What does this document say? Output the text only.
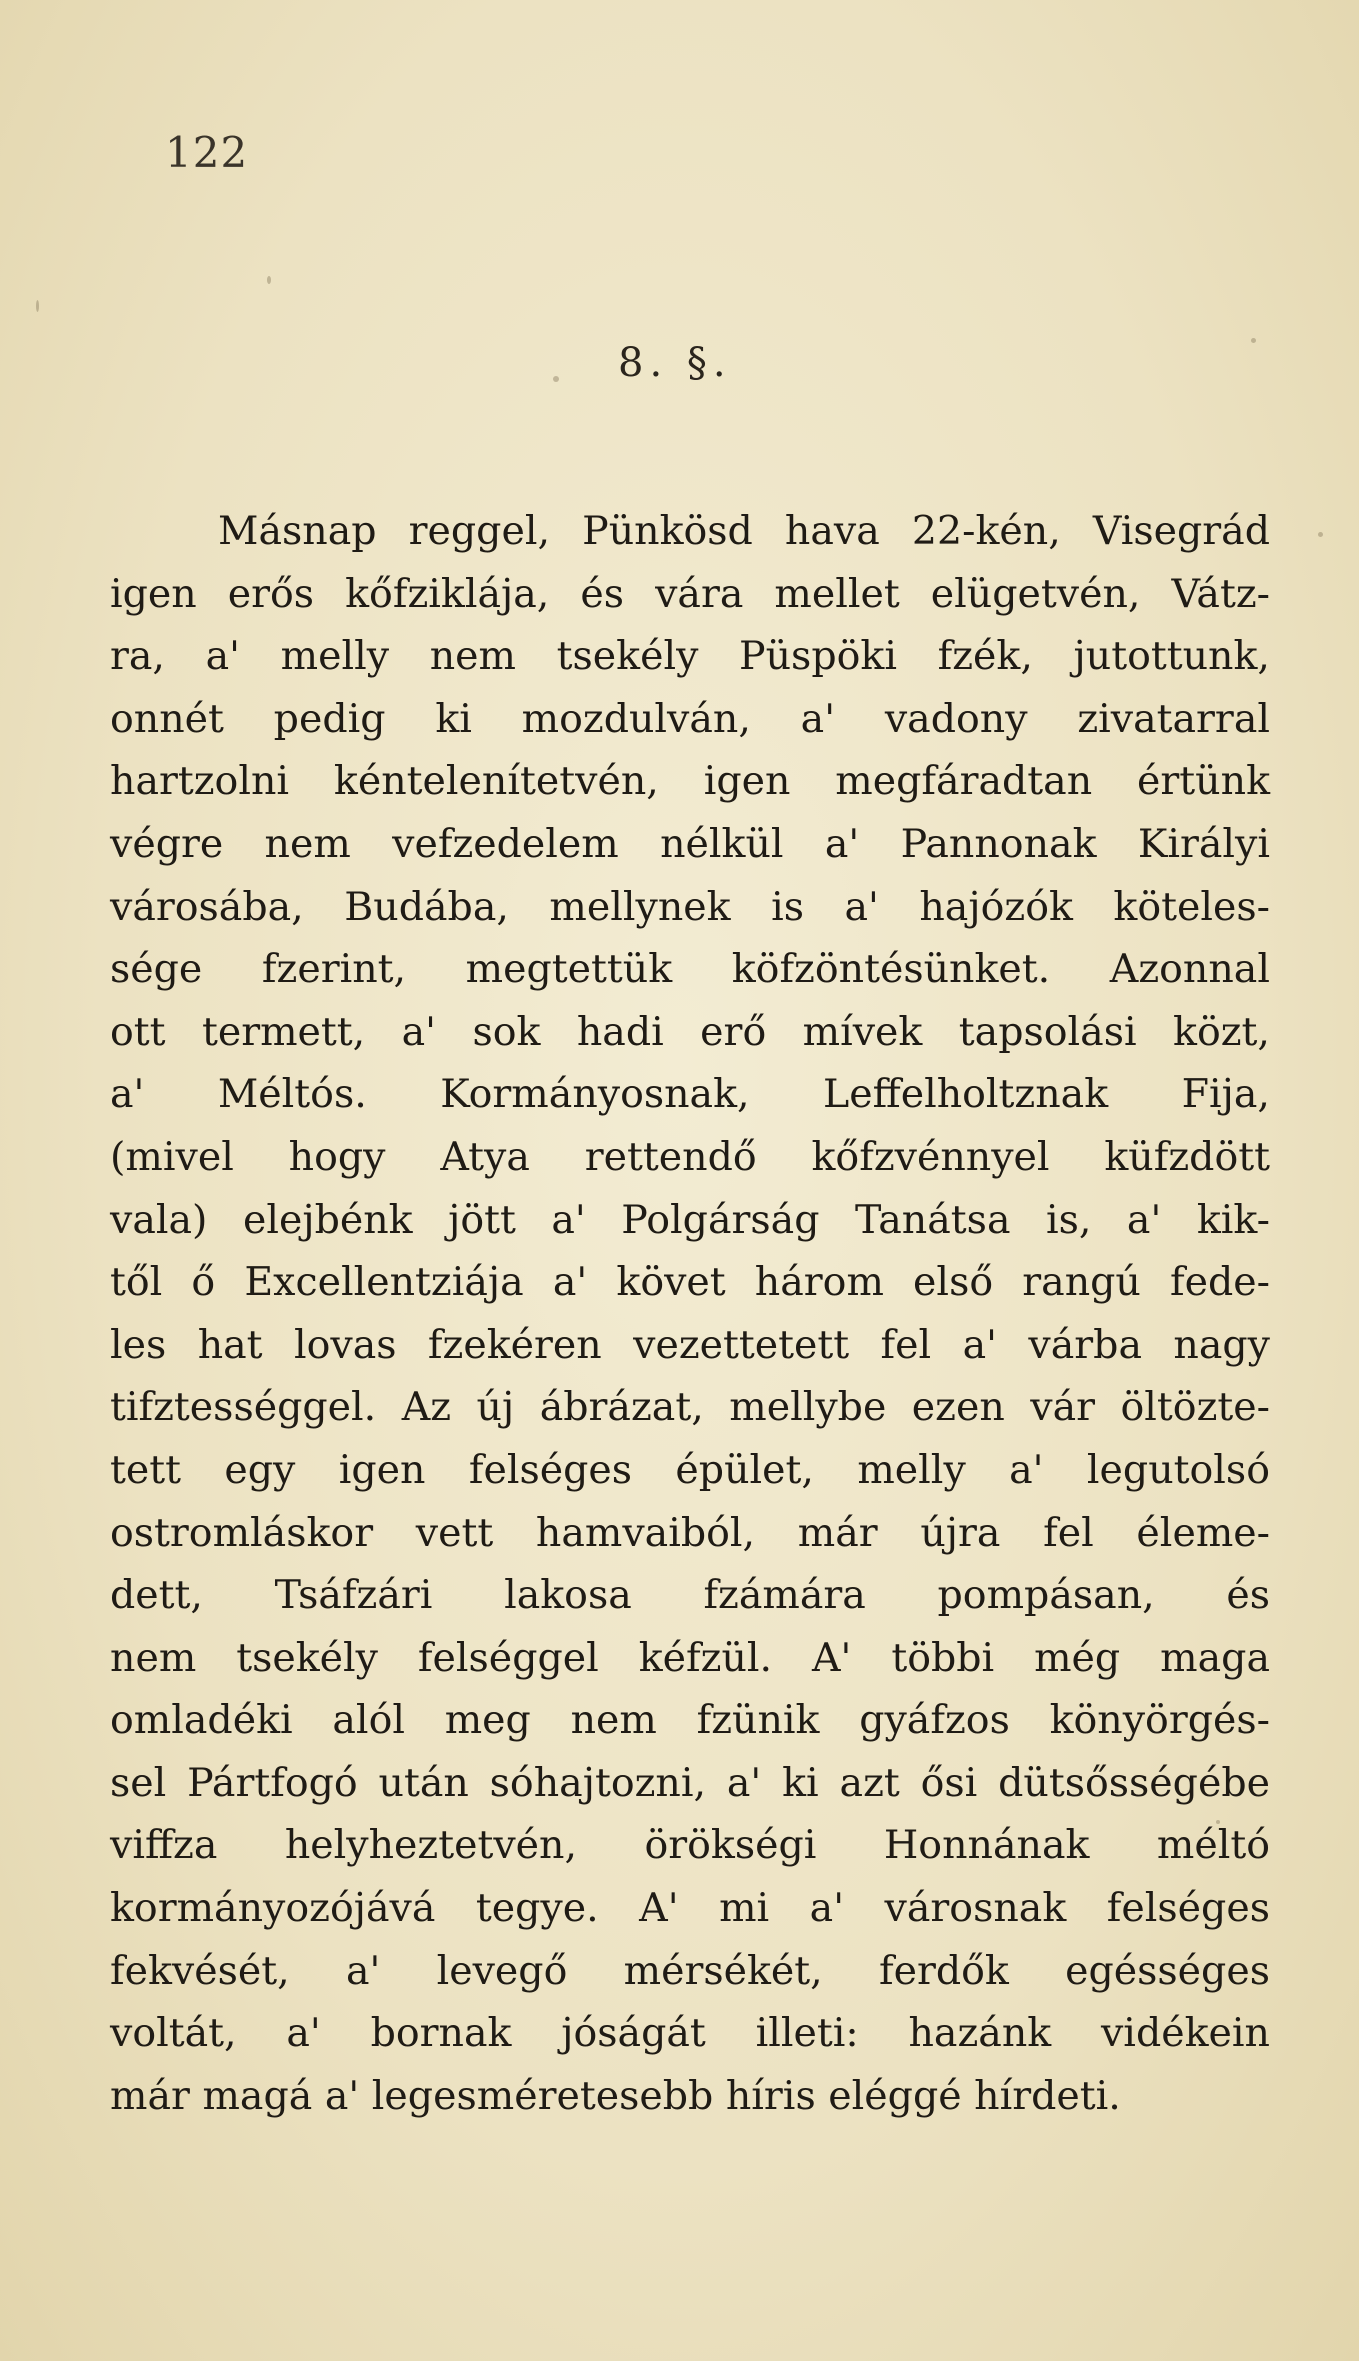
122
8. §.
Másnap reggel, Pünkösd hava 22-kén, Visegrád
igen erős kőfziklája, és vára mellet elügetvén, Vátz-
ra, a' melly nem tsekély Püspöki fzék, jutottunk,
onnét pedig ki mozdulván, a' vadony zivatarral
hartzolni kéntelenítetvén, igen megfáradtan értünk
végre nem vefzedelem nélkül a' Pannonak Királyi
városába, Budába, mellynek is a' hajózók köteles-
sége fzerint, megtettük köfzöntésünket. Azonnal
ott termett, a' sok hadi erő mívek tapsolási közt,
a' Méltós. Kormányosnak, Leffelholtznak Fija,
(mivel hogy Atya rettendő kőfzvénnyel küfzdött
vala) elejbénk jött a' Polgárság Tanátsa is, a' kik-
től ő Excellentziája a' követ három első rangú fede-
les hat lovas fzekéren vezettetett fel a' várba nagy
tifztességgel. Az új ábrázat, mellybe ezen vár öltözte-
tett egy igen felséges épület, melly a' legutolsó
ostromláskor vett hamvaiból, már újra fel éleme-
dett, Tsáfzári lakosa fzámára pompásan, és
nem tsekély felséggel kéfzül. A' többi még maga
omladéki alól meg nem fzünik gyáfzos könyörgés-
sel Pártfogó után sóhajtozni, a' ki azt ősi dütsősségébe
viffza helyheztetvén, örökségi Honnának méltó
kormányozójává tegye. A' mi a' városnak felséges
fekvését, a' levegő mérsékét, ferdők egésséges
voltát, a' bornak jóságát illeti: hazánk vidékein
már magá a' legesméretesebb híris eléggé hírdeti.
